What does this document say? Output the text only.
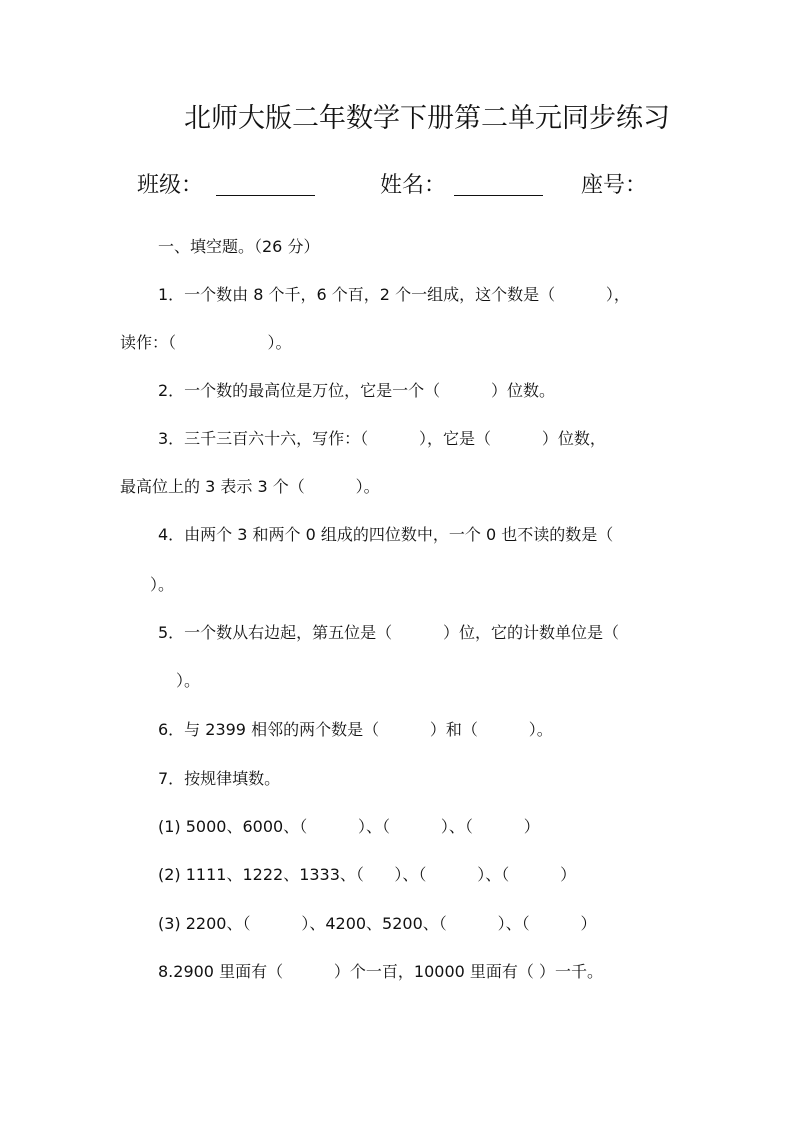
北师大版二年数学下册第二单元同步练习
班级：	姓名：	座号：
一、填空题。（26 分）
1．一个数由 8 个千，6 个百，2 个一组成，这个数是（          ），
读作：（                  ）。
2．一个数的最高位是万位，它是一个（          ）位数。
3．三千三百六十六，写作：（          ），它是（          ）位数，
最高位上的 3 表示 3 个（          ）。
4．由两个 3 和两个 0 组成的四位数中，一个 0 也不读的数是（
）。
5．一个数从右边起，第五位是（          ）位，它的计数单位是（
）。
6．与 2399 相邻的两个数是（          ）和（          ）。
7．按规律填数。
(1) 5000、6000、（          ）、（          ）、（          ）
(2) 1111、1222、1333、（      ）、（          ）、（          ）
(3) 2200、（          ）、4200、5200、（          ）、（          ）
8.2900 里面有（          ）个一百，10000 里面有（ ）一千。
